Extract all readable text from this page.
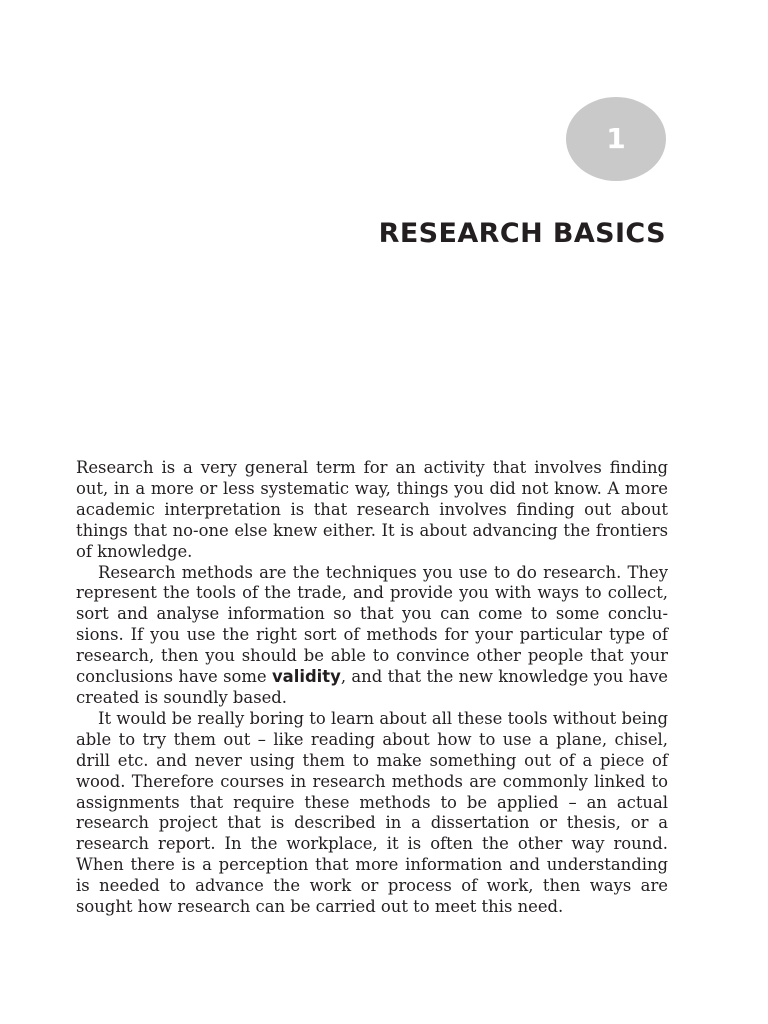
1
RESEARCH BASICS

Research is a very general term for an activity that involves finding out, in a more or less systematic way, things you did not know. A more academic interpretation is that research involves finding out about things that no-one else knew either. It is about advancing the frontiers of knowledge.

Research methods are the techniques you use to do research. They represent the tools of the trade, and provide you with ways to collect, sort and analyse information so that you can come to some conclusions. If you use the right sort of methods for your particular type of research, then you should be able to convince other people that your conclusions have some validity, and that the new knowledge you have created is soundly based.

It would be really boring to learn about all these tools without being able to try them out – like reading about how to use a plane, chisel, drill etc. and never using them to make something out of a piece of wood. Therefore courses in research methods are commonly linked to assignments that require these methods to be applied – an actual research project that is described in a dissertation or thesis, or a research report. In the workplace, it is often the other way round. When there is a perception that more information and understanding is needed to advance the work or process of work, then ways are sought how research can be carried out to meet this need.
